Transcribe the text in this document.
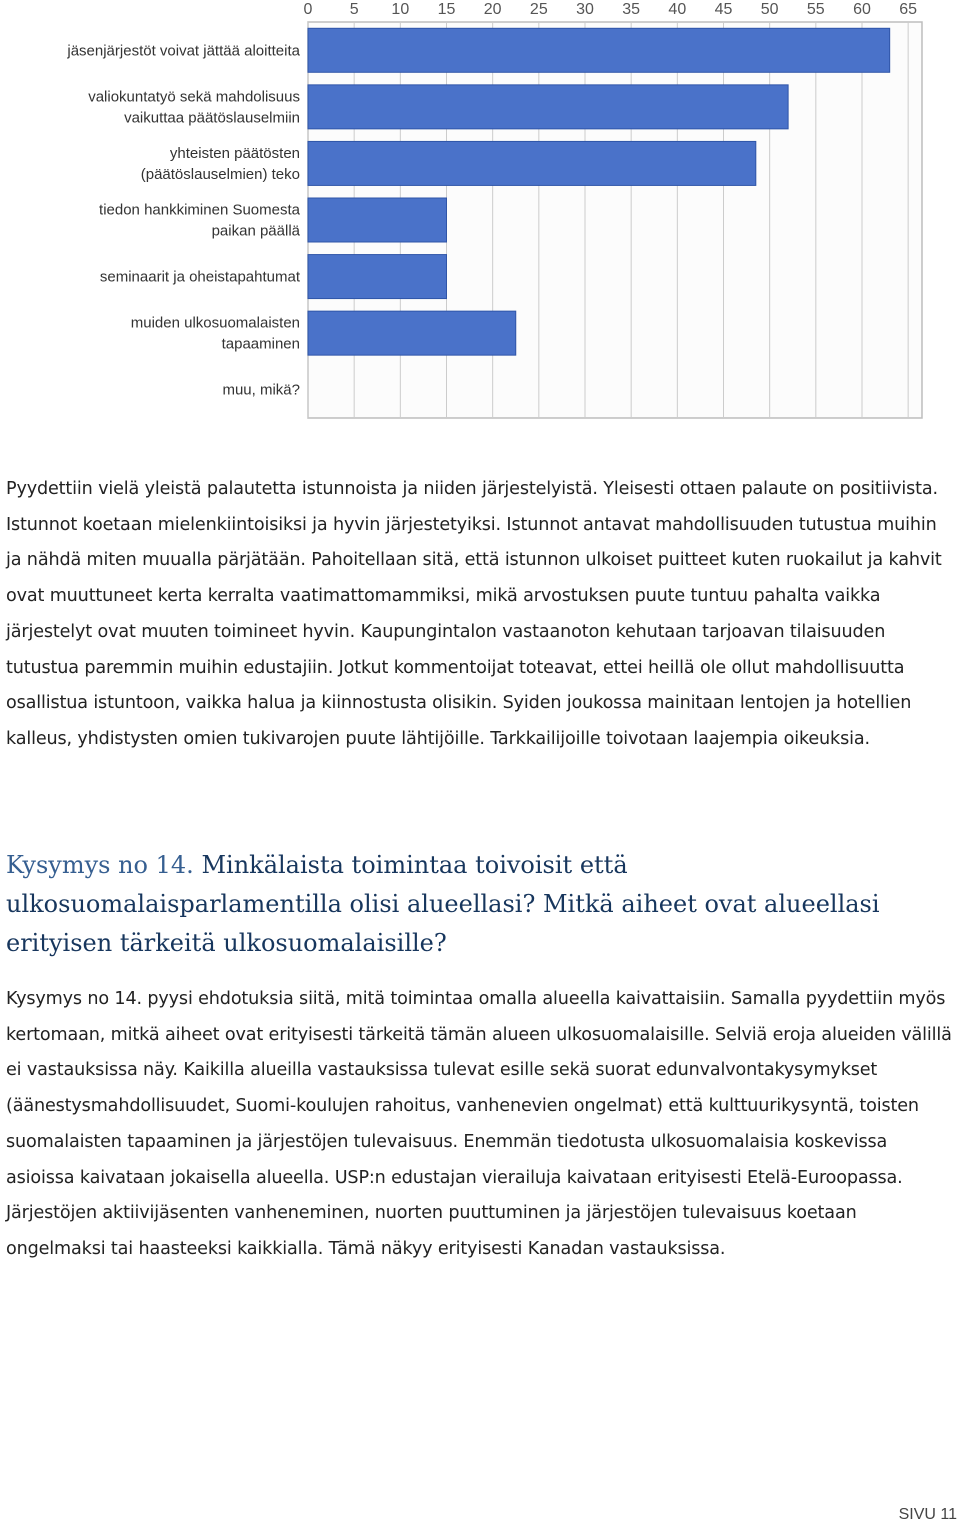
0 5 10 15 20 25 30 35 40 45 50 55 60 65
jäsenjärjestöt voivat jättää aloitteita
valiokuntatyö sekä mahdolisuus
vaikuttaa päätöslauselmiin
yhteisten päätösten
(päätöslauselmien) teko
tiedon hankkiminen Suomesta
paikan päällä
seminaarit ja oheistapahtumat
muiden ulkosuomalaisten
tapaaminen
muu, mikä?

Pyydettiin vielä yleistä palautetta istunnoista ja niiden järjestelyistä. Yleisesti ottaen palaute on positiivista. Istunnot koetaan mielenkiintoisiksi ja hyvin järjestetyiksi. Istunnot antavat mahdollisuuden tutustua muihin ja nähdä miten muualla pärjätään. Pahoitellaan sitä, että istunnon ulkoiset puitteet kuten ruokailut ja kahvit ovat muuttuneet kerta kerralta vaatimattomammiksi, mikä arvostuksen puute tuntuu pahalta vaikka järjestelyt ovat muuten toimineet hyvin. Kaupungintalon vastaanoton kehutaan tarjoavan tilaisuuden tutustua paremmin muihin edustajiin. Jotkut kommentoijat toteavat, ettei heillä ole ollut mahdollisuutta osallistua istuntoon, vaikka halua ja kiinnostusta olisikin. Syiden joukossa mainitaan lentojen ja hotellien kalleus, yhdistysten omien tukivarojen puute lähtijöille. Tarkkailijoille toivotaan laajempia oikeuksia.

Kysymys no 14. Minkälaista toimintaa toivoisit että ulkosuomalaisparlamentilla olisi alueellasi? Mitkä aiheet ovat alueellasi erityisen tärkeitä ulkosuomalaisille?

Kysymys no 14. pyysi ehdotuksia siitä, mitä toimintaa omalla alueella kaivattaisiin. Samalla pyydettiin myös kertomaan, mitkä aiheet ovat erityisesti tärkeitä tämän alueen ulkosuomalaisille. Selviä eroja alueiden välillä ei vastauksissa näy. Kaikilla alueilla vastauksissa tulevat esille sekä suorat edunvalvontakysymykset (äänestysmahdollisuudet, Suomi-koulujen rahoitus, vanhenevien ongelmat) että kulttuurikysyntä, toisten suomalaisten tapaaminen ja järjestöjen tulevaisuus. Enemmän tiedotusta ulkosuomalaisia koskevissa asioissa kaivataan jokaisella alueella. USP:n edustajan vierailuja kaivataan erityisesti Etelä-Euroopassa. Järjestöjen aktiivijäsenten vanheneminen, nuorten puuttuminen ja järjestöjen tulevaisuus koetaan ongelmaksi tai haasteeksi kaikkialla. Tämä näkyy erityisesti Kanadan vastauksissa.

SIVU 11
